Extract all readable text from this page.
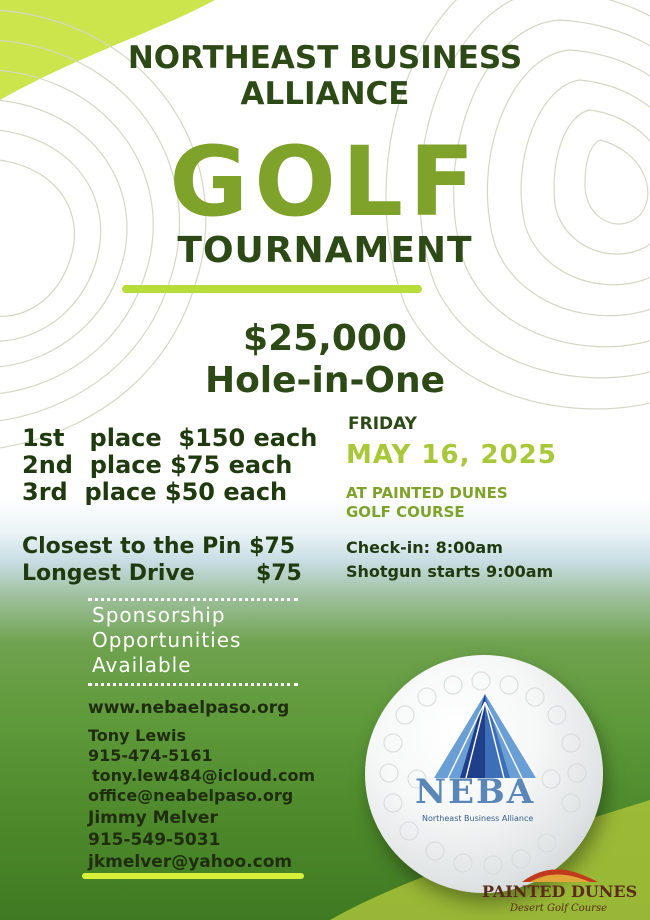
NORTHEAST BUSINESS
ALLIANCE
GOLF
TOURNAMENT
$25,000
Hole-in-One
1st place $150 each
2nd place $75 each
3rd place $50 each
Closest to the Pin $75
Longest Drive	$75
FRIDAY
MAY 16, 2025
AT PAINTED DUNES
GOLF COURSE
Check-in: 8:00am
Shotgun starts 9:00am
Sponsorship
Opportunities
Available
www.nebaelpaso.org
Tony Lewis
915-474-5161
tony.lew484@icloud.com
office@neabelpaso.org
Jimmy Melver
915-549-5031
jkmelver@yahoo.com
NEBA
Northeast Business Alliance
PAINTED DUNES
Desert Golf Course
